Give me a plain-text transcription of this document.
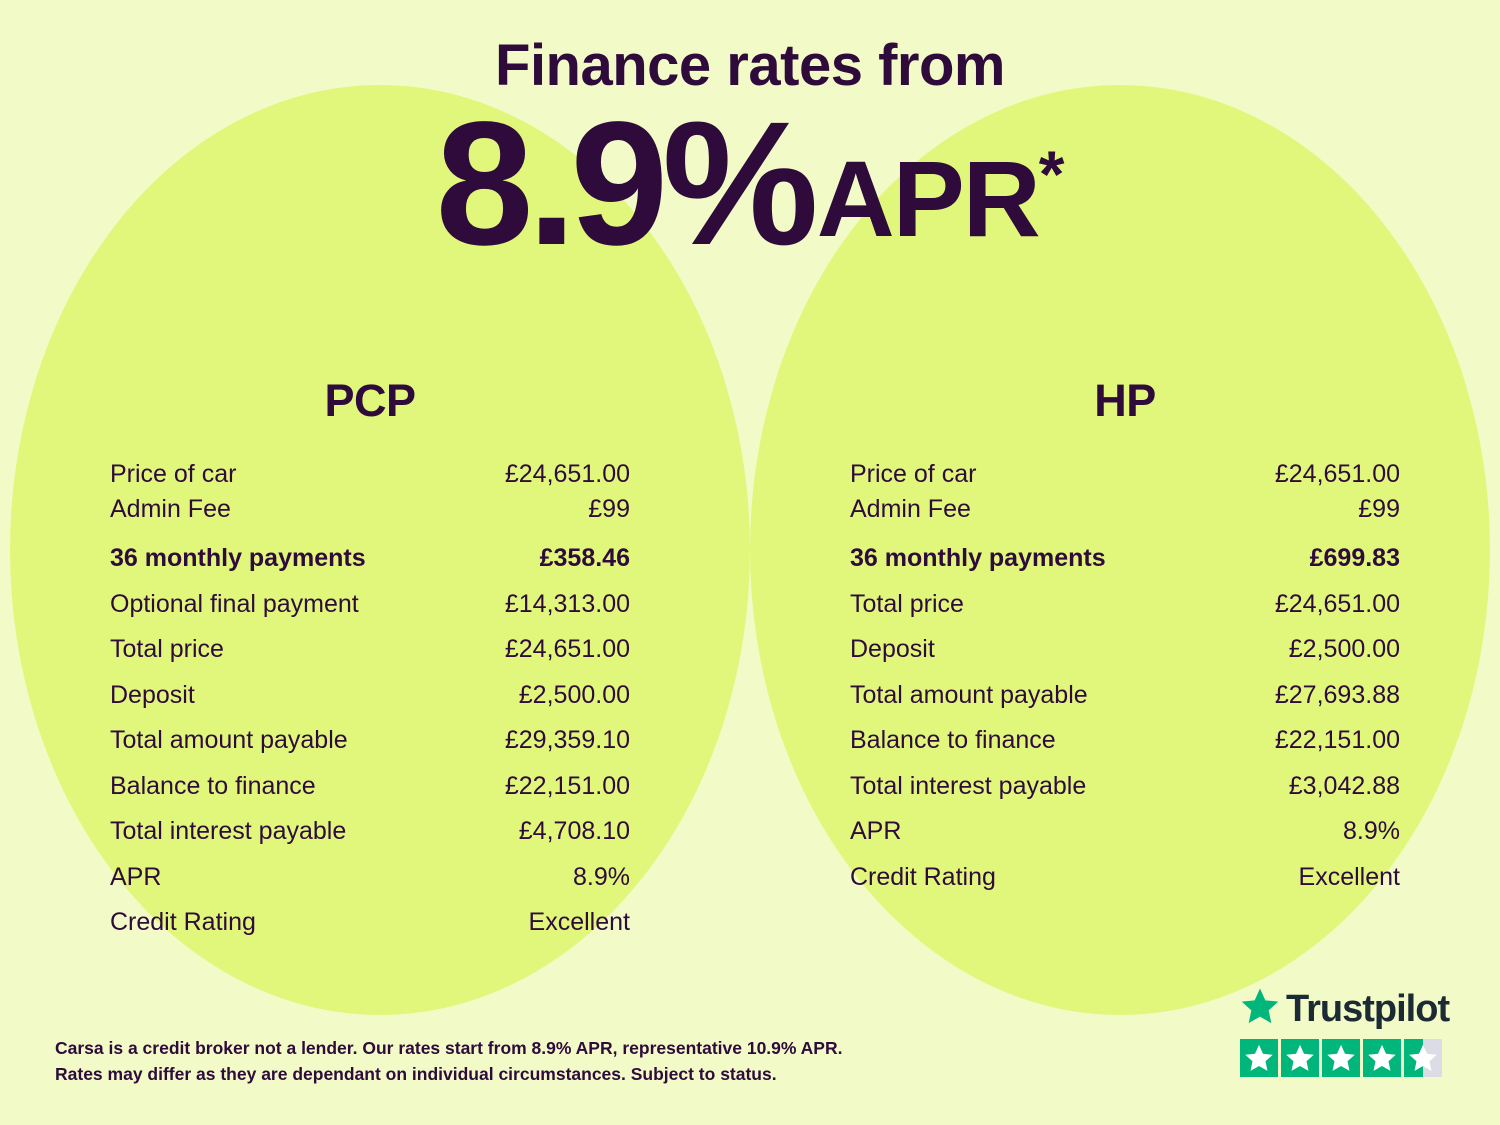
Finance rates from
8.9% APR *
PCP
Price of car	£24,651.00
Admin Fee	£99
36 monthly payments	£358.46
Optional final payment	£14,313.00
Total price	£24,651.00
Deposit	£2,500.00
Total amount payable	£29,359.10
Balance to finance	£22,151.00
Total interest payable	£4,708.10
APR	8.9%
Credit Rating	Excellent
HP
Price of car	£24,651.00
Admin Fee	£99
36 monthly payments	£699.83
Total price	£24,651.00
Deposit	£2,500.00
Total amount payable	£27,693.88
Balance to finance	£22,151.00
Total interest payable	£3,042.88
APR	8.9%
Credit Rating	Excellent
Carsa is a credit broker not a lender. Our rates start from 8.9% APR, representative 10.9% APR.
Rates may differ as they are dependant on individual circumstances. Subject to status.
Trustpilot
